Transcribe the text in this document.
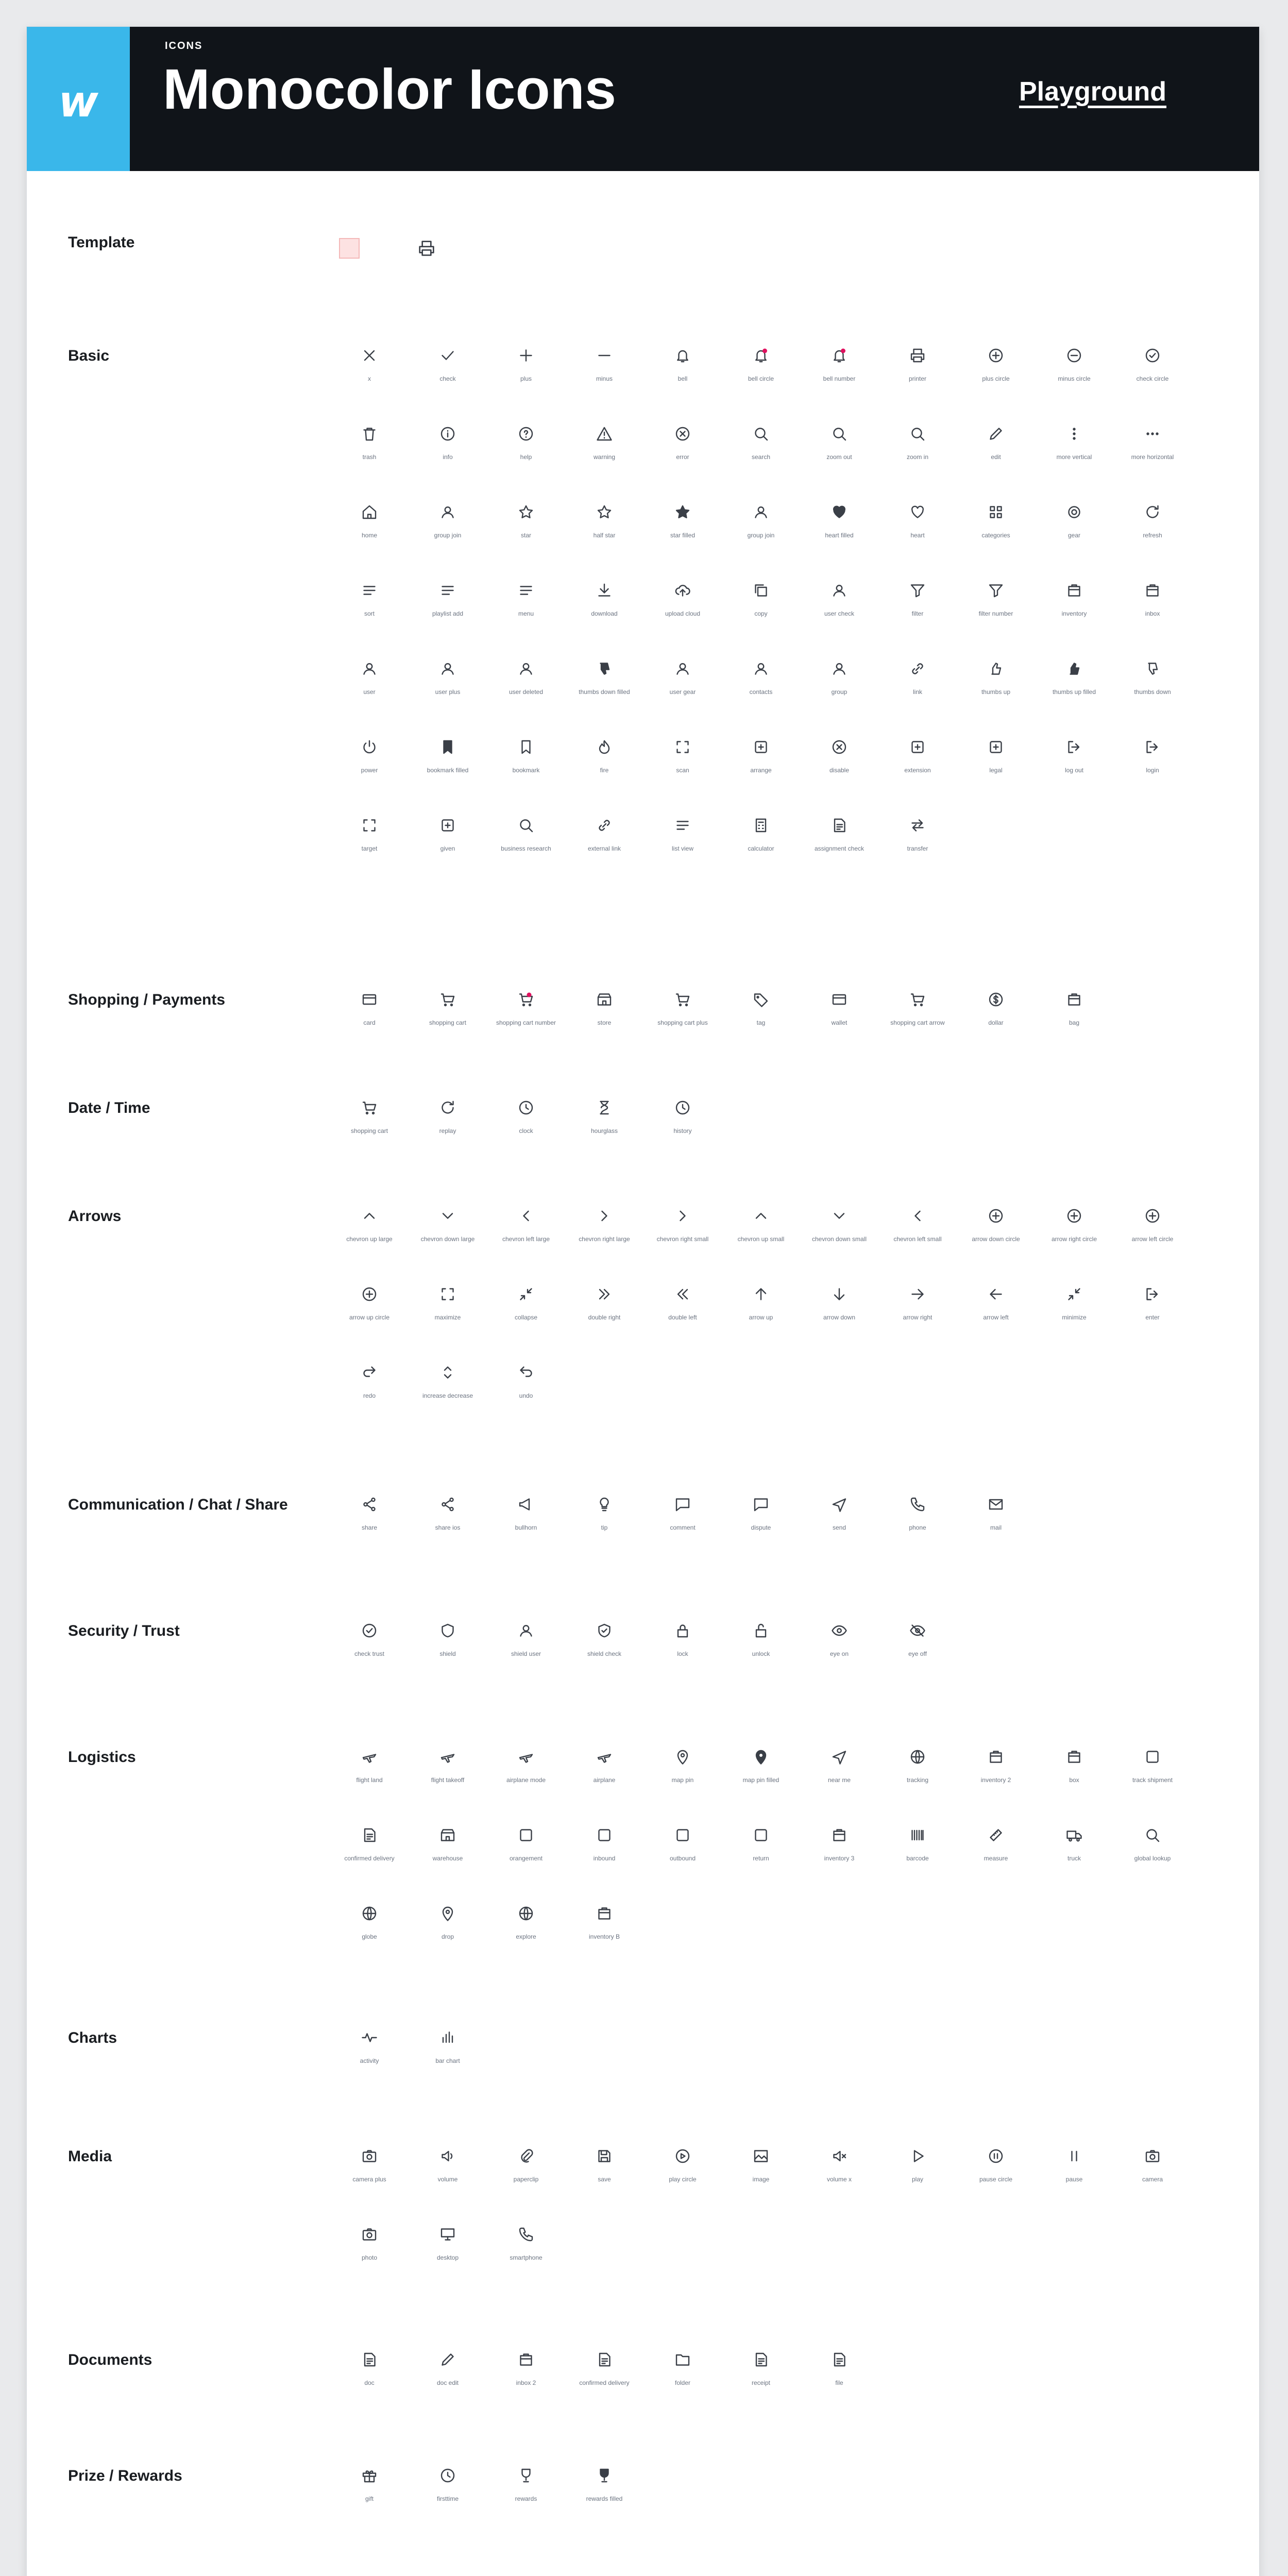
w
ICONS
Monocolor Icons	Playground
Template
Basic
x	check	plus	minus	bell	bell circle	bell number	printer	plus circle	minus circle	check circle
trash	info	help	warning	error	search	zoom out	zoom in	edit	more vertical	more horizontal
home	group join	star	half star	star filled	group join	heart filled	heart	categories	gear	refresh
sort	playlist add	menu	download	upload cloud	copy	user check	filter	filter number	inventory	inbox
user	user plus	user deleted	thumbs down filled	user gear	contacts	group	link	thumbs up	thumbs up filled	thumbs down
power	bookmark filled	bookmark	fire	scan	arrange	disable	extension	legal	log out	login
target	given	business research	external link	list view	calculator	assignment check	transfer
Shopping / Payments
card	shopping cart	shopping cart number	store	shopping cart plus	tag	wallet	shopping cart arrow	dollar	bag
Date / Time
shopping cart	replay	clock	hourglass	history
Arrows
chevron up large	chevron down large	chevron left large	chevron right large	chevron right small	chevron up small	chevron down small	chevron left small	arrow down circle	arrow right circle	arrow left circle
arrow up circle	maximize	collapse	double right	double left	arrow up	arrow down	arrow right	arrow left	minimize	enter
redo	increase decrease	undo
Communication / Chat / Share
share	share ios	bullhorn	tip	comment	dispute	send	phone	mail
Security / Trust
check trust	shield	shield user	shield check	lock	unlock	eye on	eye off
Logistics
flight land	flight takeoff	airplane mode	airplane	map pin	map pin filled	near me	tracking	inventory 2	box	track shipment
confirmed delivery	warehouse	orangement	inbound	outbound	return	inventory 3	barcode	measure	truck	global lookup
globe	drop	explore	inventory B
Charts
activity	bar chart
Media
camera plus	volume	paperclip	save	play circle	image	volume x	play	pause circle	pause	camera
photo	desktop	smartphone
Documents
doc	doc edit	inbox 2	confirmed delivery	folder	receipt	file
Prize / Rewards
gift	firsttime	rewards	rewards filled
